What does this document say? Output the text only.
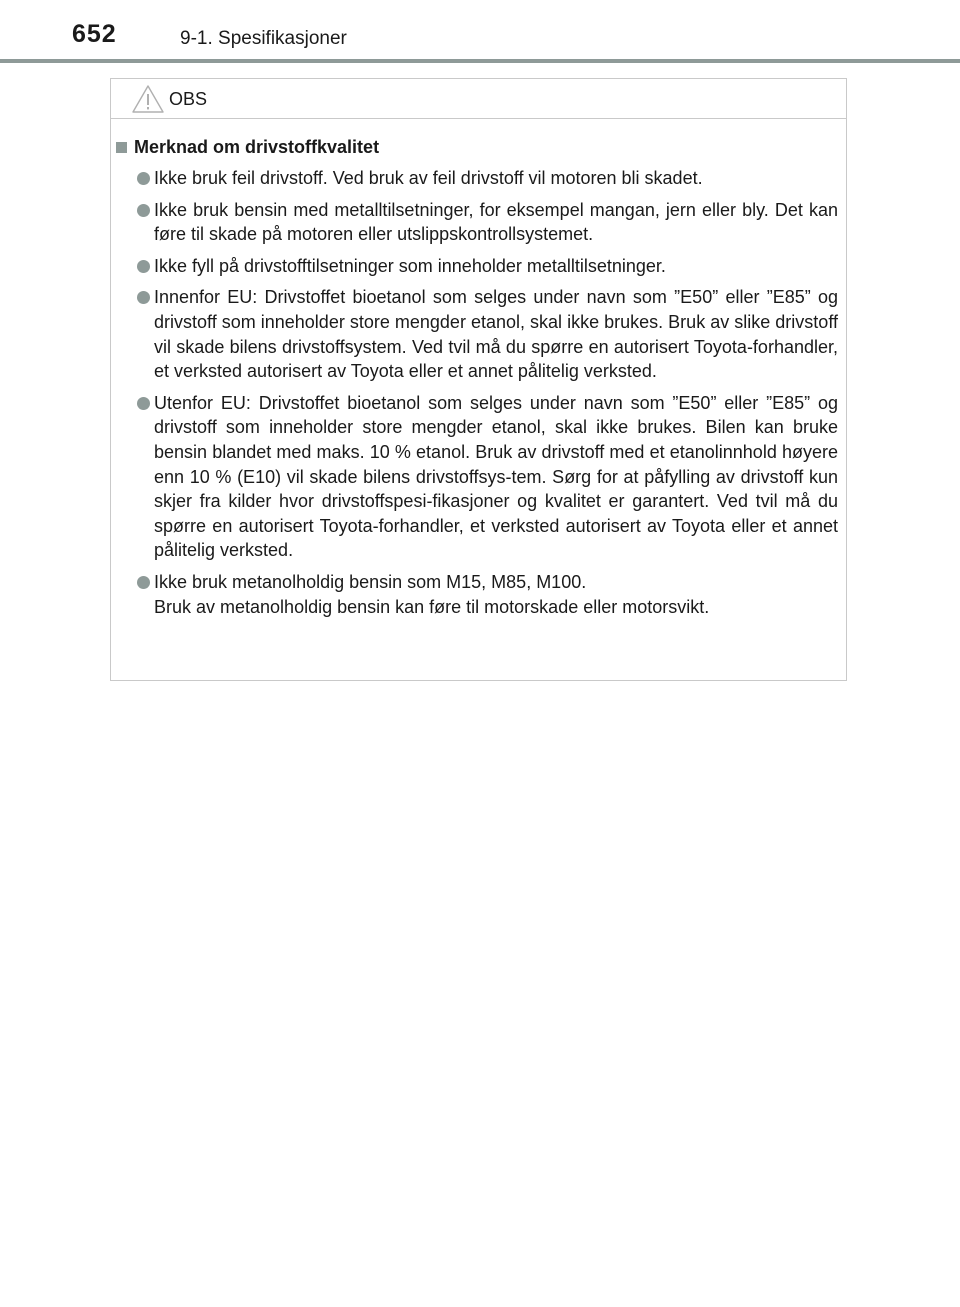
652	9-1. Spesifikasjoner
OBS
Merknad om drivstoffkvalitet
Ikke bruk feil drivstoff. Ved bruk av feil drivstoff vil motoren bli skadet.
Ikke bruk bensin med metalltilsetninger, for eksempel mangan, jern eller bly. Det kan føre til skade på motoren eller utslippskontrollsystemet.
Ikke fyll på drivstofftilsetninger som inneholder metalltilsetninger.
Innenfor EU: Drivstoffet bioetanol som selges under navn som ”E50” eller ”E85” og drivstoff som inneholder store mengder etanol, skal ikke brukes. Bruk av slike drivstoff vil skade bilens drivstoffsystem. Ved tvil må du spørre en autorisert Toyota-forhandler, et verksted autorisert av Toyota eller et annet pålitelig verksted.
Utenfor EU: Drivstoffet bioetanol som selges under navn som ”E50” eller ”E85” og drivstoff som inneholder store mengder etanol, skal ikke brukes. Bilen kan bruke bensin blandet med maks. 10 % etanol. Bruk av drivstoff med et etanolinnhold høyere enn 10 % (E10) vil skade bilens drivstoffsys-tem. Sørg for at påfylling av drivstoff kun skjer fra kilder hvor drivstoffspesi-fikasjoner og kvalitet er garantert. Ved tvil må du spørre en autorisert Toyota-forhandler, et verksted autorisert av Toyota eller et annet pålitelig verksted.
Ikke bruk metanolholdig bensin som M15, M85, M100.
Bruk av metanolholdig bensin kan føre til motorskade eller motorsvikt.
